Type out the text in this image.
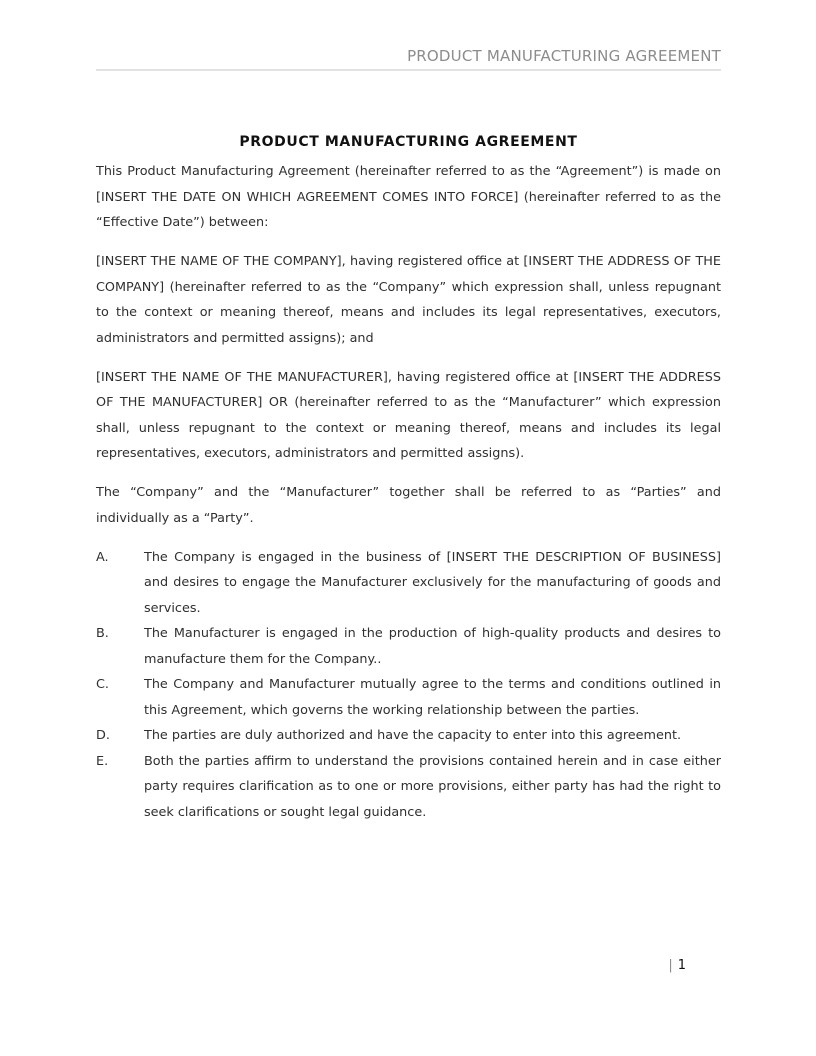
PRODUCT MANUFACTURING AGREEMENT
PRODUCT MANUFACTURING AGREEMENT

This Product Manufacturing Agreement (hereinafter referred to as the “Agreement”) is made on [INSERT THE DATE ON WHICH AGREEMENT COMES INTO FORCE] (hereinafter referred to as the “Effective Date”) between:

[INSERT THE NAME OF THE COMPANY], having registered office at [INSERT THE ADDRESS OF THE COMPANY] (hereinafter referred to as the “Company” which expression shall, unless repugnant to the context or meaning thereof, means and includes its legal representatives, executors, administrators and permitted assigns); and

[INSERT THE NAME OF THE MANUFACTURER], having registered office at [INSERT THE ADDRESS OF THE MANUFACTURER] OR (hereinafter referred to as the “Manufacturer” which expression shall, unless repugnant to the context or meaning thereof, means and includes its legal representatives, executors, administrators and permitted assigns).

The “Company” and the “Manufacturer” together shall be referred to as “Parties” and individually as a “Party”.

A.	The Company is engaged in the business of [INSERT THE DESCRIPTION OF BUSINESS] and desires to engage the Manufacturer exclusively for the manufacturing of goods and services.
B.	The Manufacturer is engaged in the production of high-quality products and desires to manufacture them for the Company..
C.	The Company and Manufacturer mutually agree to the terms and conditions outlined in this Agreement, which governs the working relationship between the parties.
D.	The parties are duly authorized and have the capacity to enter into this agreement.
E.	Both the parties affirm to understand the provisions contained herein and in case either party requires clarification as to one or more provisions, either party has had the right to seek clarifications or sought legal guidance.
| 1
